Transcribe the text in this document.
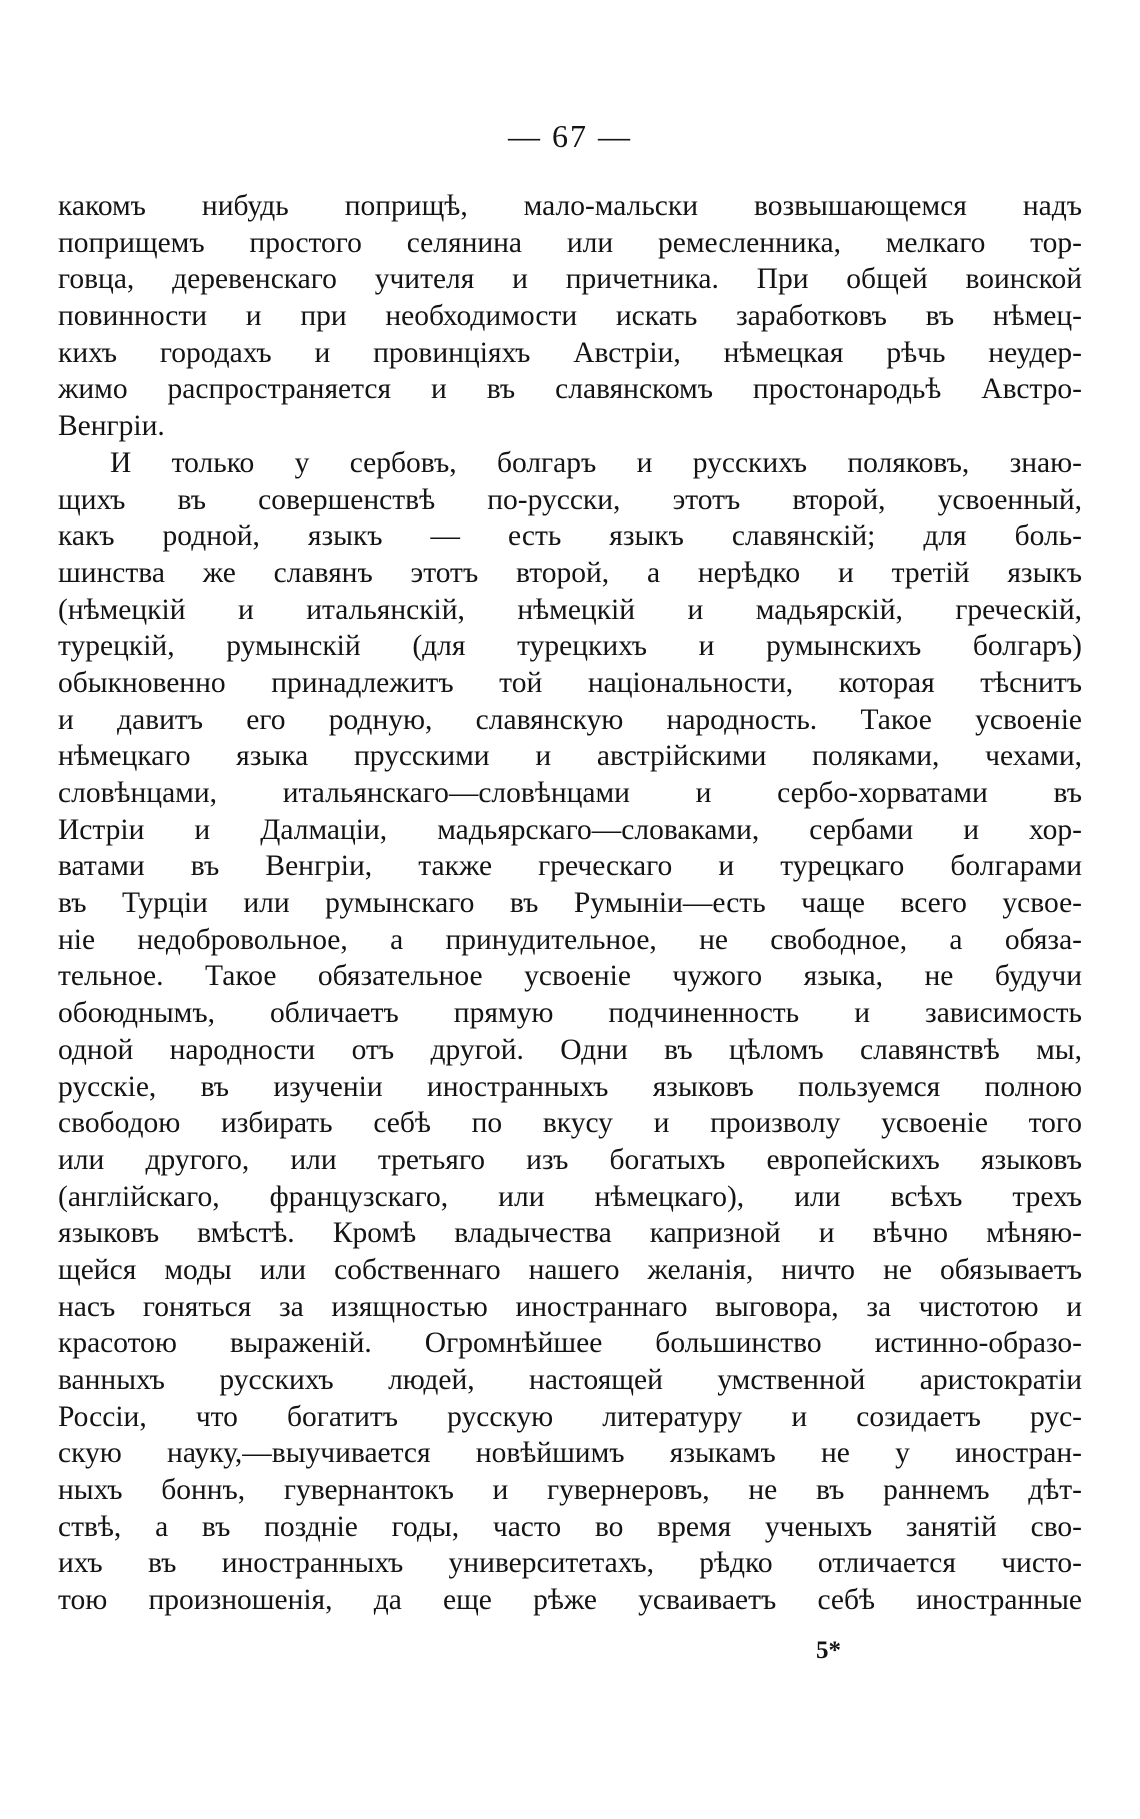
— 67 —
какомъ нибудь поприщѣ, мало-мальски возвышающемся надъ
поприщемъ простого селянина или ремесленника, мелкаго тор-
говца, деревенскаго учителя и причетника. При общей воинской
повинности и при необходимости искать заработковъ въ нѣмец-
кихъ городахъ и провинціяхъ Австріи, нѣмецкая рѣчь неудер-
жимо распространяется и въ славянскомъ простонародьѣ Австро-
Венгріи.
И только у сербовъ, болгаръ и русскихъ поляковъ, знаю-
щихъ въ совершенствѣ по-русски, этотъ второй, усвоенный,
какъ родной, языкъ — есть языкъ славянскій; для боль-
шинства же славянъ этотъ второй, а нерѣдко и третій языкъ
(нѣмецкій и итальянскій, нѣмецкій и мадьярскій, греческій,
турецкій, румынскій (для турецкихъ и румынскихъ болгаръ)
обыкновенно принадлежитъ той національности, которая тѣснитъ
и давитъ его родную, славянскую народность. Такое усвоеніе
нѣмецкаго языка прусскими и австрійскими поляками, чехами,
словѣнцами, итальянскаго—словѣнцами и сербо-хорватами въ
Истріи и Далмаціи, мадьярскаго—словаками, сербами и хор-
ватами въ Венгріи, также греческаго и турецкаго болгарами
въ Турціи или румынскаго въ Румыніи—есть чаще всего усвое-
ніе недобровольное, а принудительное, не свободное, а обяза-
тельное. Такое обязательное усвоеніе чужого языка, не будучи
обоюднымъ, обличаетъ прямую подчиненность и зависимость
одной народности отъ другой. Одни въ цѣломъ славянствѣ мы,
русскіе, въ изученіи иностранныхъ языковъ пользуемся полною
свободою избирать себѣ по вкусу и произволу усвоеніе того
или другого, или третьяго изъ богатыхъ европейскихъ языковъ
(англійскаго, французскаго, или нѣмецкаго), или всѣхъ трехъ
языковъ вмѣстѣ. Кромѣ владычества капризной и вѣчно мѣняю-
щейся моды или собственнаго нашего желанія, ничто не обязываетъ
насъ гоняться за изящностью иностраннаго выговора, за чистотою и
красотою выраженій. Огромнѣйшее большинство истинно-образо-
ванныхъ русскихъ людей, настоящей умственной аристократіи
Россіи, что богатитъ русскую литературу и созидаетъ рус-
скую науку,—выучивается новѣйшимъ языкамъ не у иностран-
ныхъ боннъ, гувернантокъ и гувернеровъ, не въ раннемъ дѣт-
ствѣ, а въ поздніе годы, часто во время ученыхъ занятій сво-
ихъ въ иностранныхъ университетахъ, рѣдко отличается чисто-
тою произношенія, да еще рѣже усваиваетъ себѣ иностранные
5*
